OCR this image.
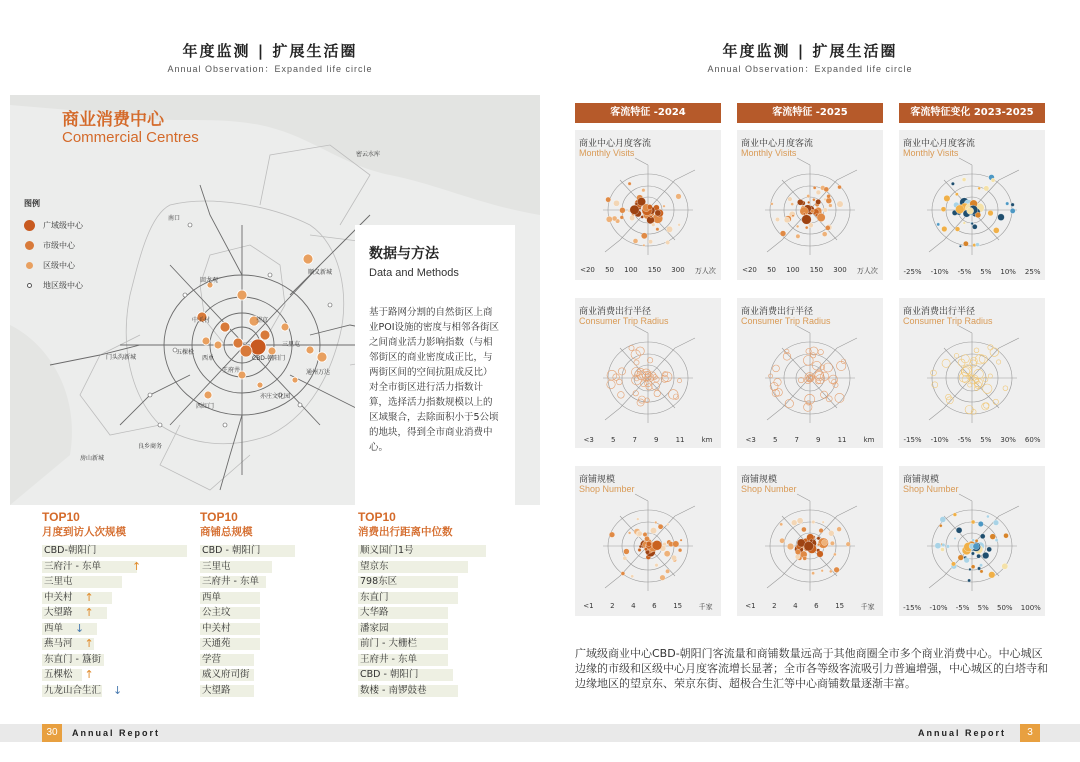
年度监测 | 扩展生活圈
Annual Observation：Expanded life circle
商业消费中心
Commercial Centres
图例
广域级中心
市级中心
区级中心
地区级中心
密云水库
南口
回龙观
顺义新城
中关村	望京
五棵松
西单	CBD-朝阳门
三里屯
门头沟新城
王府井	通州万达
亦庄文化园
西红门
良乡商务
房山新城
数据与方法
Data and Methods
基于路网分割的自然街区上商业POI设施的密度与相邻各街区之间商业活力影响指数（与相邻街区的商业密度成正比，与两街区间的空间抗阻成反比）对全市街区进行活力指数计算，选择活力指数规模以上的区域聚合，去除面积小于5公顷的地块，得到全市商业消费中心。
TOP10
月度到访人次规模
CBD-朝阳门
三府汁 - 东单	↑
三里屯
中关村 ↑
大望路 ↑
西单 ↓
燕马河 ↑
东直门 - 簋街
五棵松 ↑
九龙山合生汇 ↓
TOP10
商铺总规模
CBD - 朝阳门
三里屯
三府井 - 东单
西单
公主坟
中关村
天通苑
学营
威义府司街
大望路
TOP10
消费出行距离中位数
顺义国门1号
望京东
798东区
东直门
大华路
潘家园
前门 - 大栅栏
王府井 - 东单
CBD - 朝阳门
数楼 - 南锣鼓巷
30	Annual Report
年度监测 | 扩展生活圈
Annual Observation：Expanded life circle
客流特征 -2024	客流特征 -2025	客流特征变化 2023-2025
商业中心月度客流
Monthly Visits
<20 50 100 150 300 万人次
商业中心月度客流
Monthly Visits
<20 50 100 150 300 万人次
商业中心月度客流
Monthly Visits
-25% -10% -5% 5% 10% 25%
商业消费出行半径
Consumer Trip Radius
<3 5 7 9 11 km
商业消费出行半径
Consumer Trip Radius
<3 5 7 9 11 km
商业消费出行半径
Consumer Trip Radius
-15% -10% -5% 5% 30% 60%
商铺规模
Shop Number
<1 2 4 6 15 千家
商铺规模
Shop Number
<1 2 4 6 15 千家
商铺规模
Shop Number
-15% -10% -5% 5% 50% 100%
广域级商业中心CBD-朝阳门客流量和商铺数量远高于其他商圈全市多个商业消费中心。中心城区边缘的市级和区级中心月度客流增长显著；全市各等级客流吸引力普遍增强，中心城区的白塔寺和边缘地区的望京东、荣京东街、超极合生汇等中心商铺数量逐渐丰富。
Annual Report	3
